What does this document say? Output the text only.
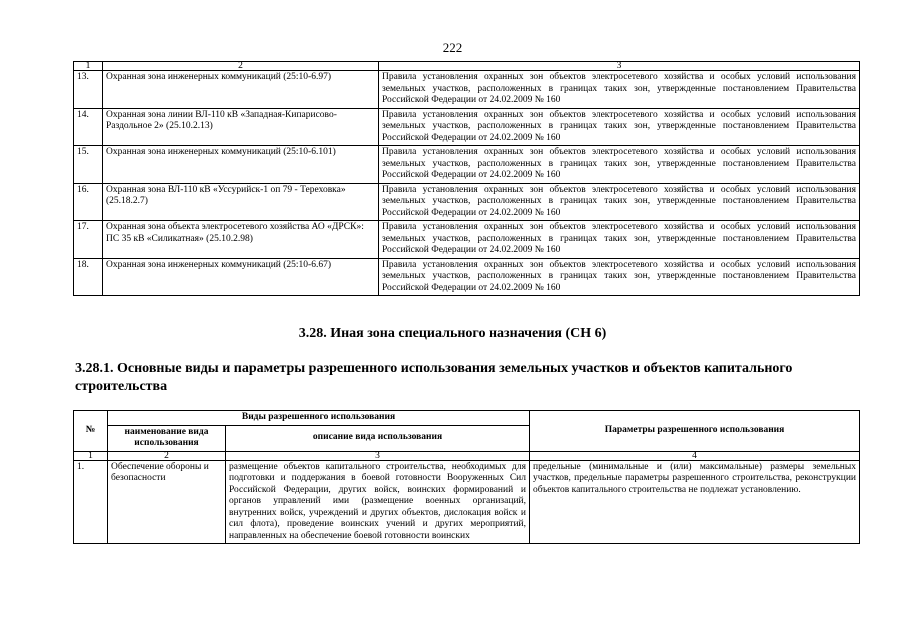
222
1	2	3
13.	Охранная зона инженерных коммуникаций (25:10-6.97)	Правила установления охранных зон объектов электросетевого хозяйства и особых условий использования земельных участков, расположенных в границах таких зон, утвержденные постановлением Правительства Российской Федерации от 24.02.2009 № 160
14.	Охранная зона линии ВЛ-110 кВ «Западная-Кипарисово-Раздольное 2» (25.10.2.13)	Правила установления охранных зон объектов электросетевого хозяйства и особых условий использования земельных участков, расположенных в границах таких зон, утвержденные постановлением Правительства Российской Федерации от 24.02.2009 № 160
15.	Охранная зона инженерных коммуникаций (25:10-6.101)	Правила установления охранных зон объектов электросетевого хозяйства и особых условий использования земельных участков, расположенных в границах таких зон, утвержденные постановлением Правительства Российской Федерации от 24.02.2009 № 160
16.	Охранная зона ВЛ-110 кВ «Уссурийск-1 оп 79 - Тереховка» (25.18.2.7)	Правила установления охранных зон объектов электросетевого хозяйства и особых условий использования земельных участков, расположенных в границах таких зон, утвержденные постановлением Правительства Российской Федерации от 24.02.2009 № 160
17.	Охранная зона объекта электросетевого хозяйства АО «ДРСК»: ПС 35 кВ «Силикатная» (25.10.2.98)	Правила установления охранных зон объектов электросетевого хозяйства и особых условий использования земельных участков, расположенных в границах таких зон, утвержденные постановлением Правительства Российской Федерации от 24.02.2009 № 160
18.	Охранная зона инженерных коммуникаций (25:10-6.67)	Правила установления охранных зон объектов электросетевого хозяйства и особых условий использования земельных участков, расположенных в границах таких зон, утвержденные постановлением Правительства Российской Федерации от 24.02.2009 № 160
3.28. Иная зона специального назначения (СН 6)
3.28.1. Основные виды и параметры разрешенного использования земельных участков и объектов капитального строительства
№	Виды разрешенного использования		Параметры разрешенного использования
	наименование вида использования	описание вида использования	
1	2	3	4
1.	Обеспечение обороны и безопасности	размещение объектов капитального строительства, необходимых для подготовки и поддержания в боевой готовности Вооруженных Сил Российской Федерации, других войск, воинских формирований и органов управлений ими (размещение военных организаций, внутренних войск, учреждений и других объектов, дислокация войск и сил флота), проведение воинских учений и других мероприятий, направленных на обеспечение боевой готовности воинских	предельные (минимальные и (или) максимальные) размеры земельных участков, предельные параметры разрешенного строительства, реконструкции объектов капитального строительства не подлежат установлению.
